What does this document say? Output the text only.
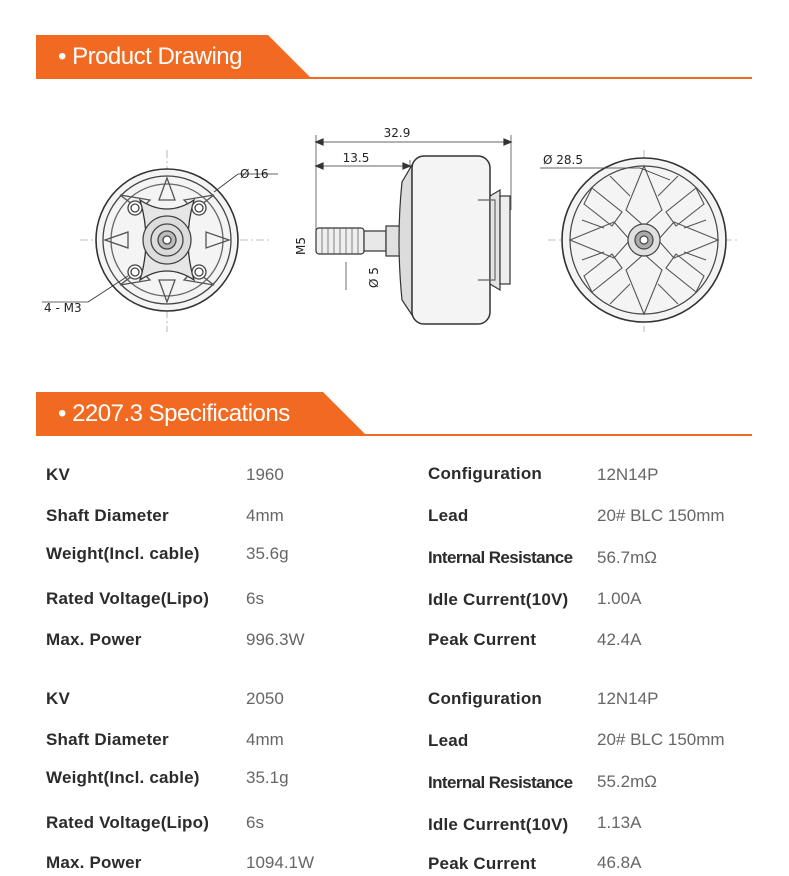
• Product Drawing
Ø 16
4 - M3
32.9
13.5
M5
Ø 5
Ø 28.5
• 2207.3 Specifications
KV	1960
Shaft Diameter	4mm
Weight(Incl. cable)	35.6g
Rated Voltage(Lipo) 6s
Max. Power	996.3W
Configuration	12N14P
Lead	20# BLC 150mm
Internal Resistance 56.7mΩ
Idle Current(10V) 1.00A
Peak Current	42.4A
KV	2050
Shaft Diameter	4mm
Weight(Incl. cable)	35.1g
Rated Voltage(Lipo) 6s
Max. Power	1094.1W
Configuration	12N14P
Lead	20# BLC 150mm
Internal Resistance 55.2mΩ
Idle Current(10V) 1.13A
Peak Current	46.8A
